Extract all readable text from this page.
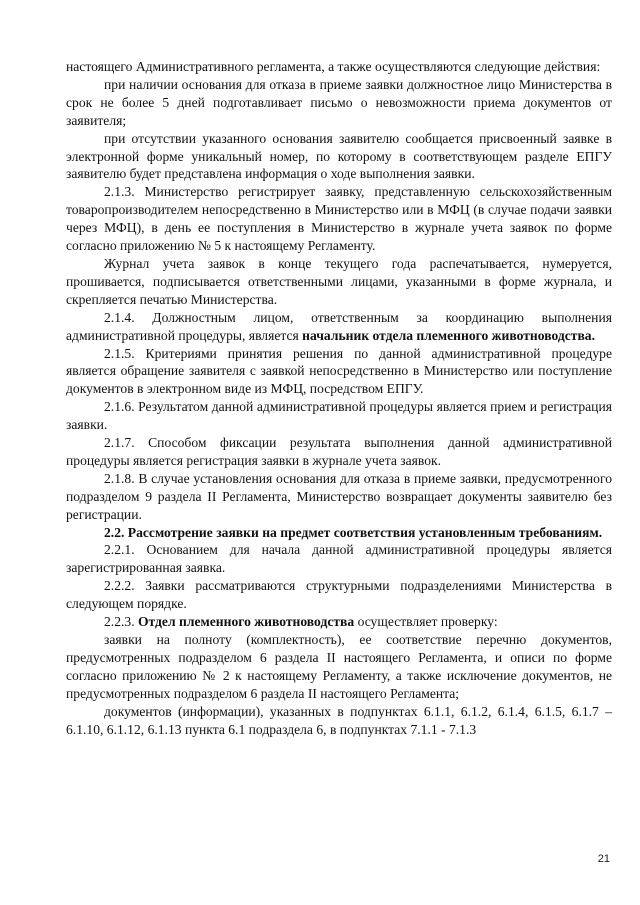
настоящего Административного регламента, а также осуществляются следующие действия:

при наличии основания для отказа в приеме заявки должностное лицо Министерства в срок не более 5 дней подготавливает письмо о невозможности приема документов от заявителя;

при отсутствии указанного основания заявителю сообщается присвоенный заявке в электронной форме уникальный номер, по которому в соответствующем разделе ЕПГУ заявителю будет представлена информация о ходе выполнения заявки.

2.1.3. Министерство регистрирует заявку, представленную сельскохозяйственным товаропроизводителем непосредственно в Министерство или в МФЦ (в случае подачи заявки через МФЦ), в день ее поступления в Министерство в журнале учета заявок по форме согласно приложению № 5 к настоящему Регламенту.

Журнал учета заявок в конце текущего года распечатывается, нумеруется, прошивается, подписывается ответственными лицами, указанными в форме журнала, и скрепляется печатью Министерства.

2.1.4. Должностным лицом, ответственным за координацию выполнения административной процедуры, является начальник отдела племенного животноводства.

2.1.5. Критериями принятия решения по данной административной процедуре является обращение заявителя с заявкой непосредственно в Министерство или поступление документов в электронном виде из МФЦ, посредством ЕПГУ.

2.1.6. Результатом данной административной процедуры является прием и регистрация заявки.

2.1.7. Способом фиксации результата выполнения данной административной процедуры является регистрация заявки в журнале учета заявок.

2.1.8. В случае установления основания для отказа в приеме заявки, предусмотренного подразделом 9 раздела II Регламента, Министерство возвращает документы заявителю без регистрации.

2.2. Рассмотрение заявки на предмет соответствия установленным требованиям.

2.2.1. Основанием для начала данной административной процедуры является зарегистрированная заявка.

2.2.2. Заявки рассматриваются структурными подразделениями Министерства в следующем порядке.

2.2.3. Отдел племенного животноводства осуществляет проверку:

заявки на полноту (комплектность), ее соответствие перечню документов, предусмотренных подразделом 6 раздела II настоящего Регламента, и описи по форме согласно приложению № 2 к настоящему Регламенту, а также исключение документов, не предусмотренных подразделом 6 раздела II настоящего Регламента;

документов (информации), указанных в подпунктах 6.1.1, 6.1.2, 6.1.4, 6.1.5, 6.1.7 – 6.1.10, 6.1.12, 6.1.13 пункта 6.1 подраздела 6, в подпунктах 7.1.1 - 7.1.3

21
